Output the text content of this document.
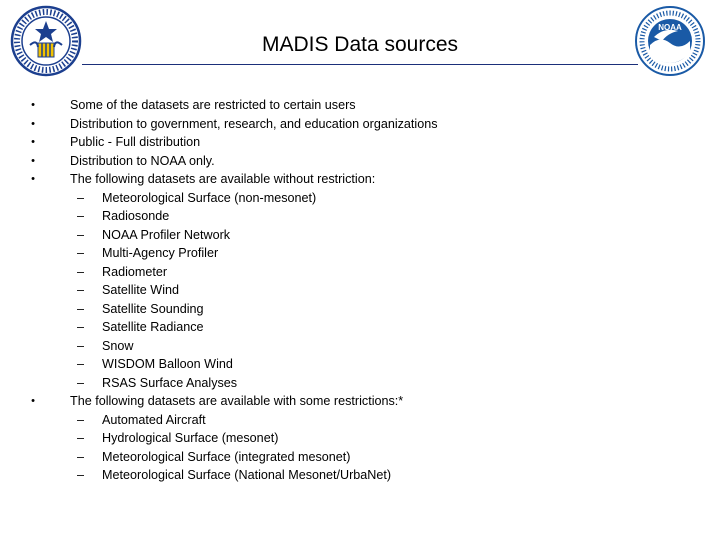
NOAA
MADIS Data sources
•	Some of the datasets are restricted to certain users
•	Distribution to government, research, and education organizations
•	Public - Full distribution
•	Distribution to NOAA only.
•	The following datasets are available without restriction:
– Meteorological Surface (non-mesonet)
– Radiosonde
– NOAA Profiler Network
– Multi-Agency Profiler
– Radiometer
– Satellite Wind
– Satellite Sounding
– Satellite Radiance
– Snow
– WISDOM Balloon Wind
– RSAS Surface Analyses
•	The following datasets are available with some restrictions:*
– Automated Aircraft
– Hydrological Surface (mesonet)
– Meteorological Surface (integrated mesonet)
– Meteorological Surface (National Mesonet/UrbaNet)
